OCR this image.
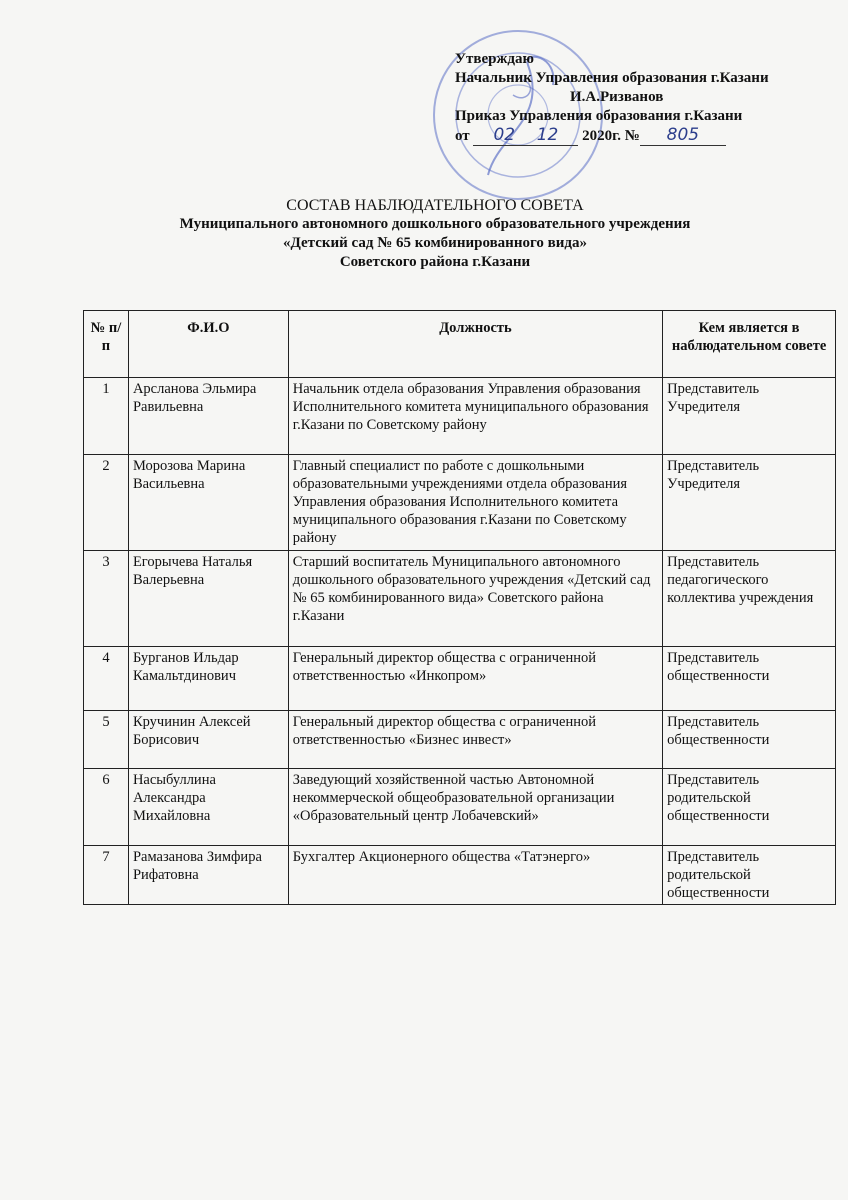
Утверждаю
Начальник Управления образования г.Казани
И.А.Ризванов
Приказ Управления образования г.Казани
от 02 12 2020г. № 805
СОСТАВ НАБЛЮДАТЕЛЬНОГО СОВЕТА
Муниципального автономного дошкольного образовательного учреждения
«Детский сад № 65 комбинированного вида»
Советского района г.Казани
№ п/п	Ф.И.О	Должность	Кем является в наблюдательном совете
1	Арсланова Эльмира Равильевна	Начальник отдела образования Управления образования Исполнительного комитета муниципального образования г.Казани по Советскому району	Представитель Учредителя
2	Морозова Марина Васильевна	Главный специалист по работе с дошкольными образовательными учреждениями отдела образования Управления образования Исполнительного комитета муниципального образования г.Казани по Советскому району	Представитель Учредителя
3	Егорычева Наталья Валерьевна	Старший воспитатель Муниципального автономного дошкольного образовательного учреждения «Детский сад № 65 комбинированного вида» Советского района г.Казани	Представитель педагогического коллектива учреждения
4	Бурганов Ильдар Камальтдинович	Генеральный директор общества с ограниченной ответственностью «Инкопром»	Представитель общественности
5	Кручинин Алексей Борисович	Генеральный директор общества с ограниченной ответственностью «Бизнес инвест»	Представитель общественности
6	Насыбуллина Александра Михайловна	Заведующий хозяйственной частью Автономной некоммерческой общеобразовательной организации «Образовательный центр Лобачевский»	Представитель родительской общественности
7	Рамазанова Зимфира Рифатовна	Бухгалтер Акционерного общества «Татэнерго»	Представитель родительской общественности
